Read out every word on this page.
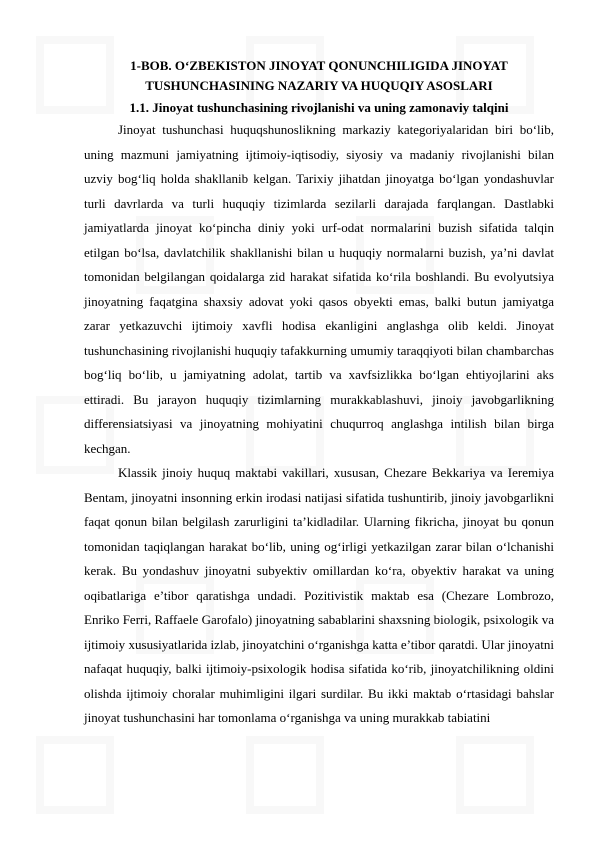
1-BOB. O‘ZBEKISTON JINOYAT QONUNCHILIGIDA JINOYAT
TUSHUNCHASINING NAZARIY VA HUQUQIY ASOSLARI
1.1. Jinoyat tushunchasining rivojlanishi va uning zamonaviy talqini

Jinoyat tushunchasi huquqshunoslikning markaziy kategoriyalaridan biri bo‘lib, uning mazmuni jamiyatning ijtimoiy-iqtisodiy, siyosiy va madaniy rivojlanishi bilan uzviy bog‘liq holda shakllanib kelgan. Tarixiy jihatdan jinoyatga bo‘lgan yondashuvlar turli davrlarda va turli huquqiy tizimlarda sezilarli darajada farqlangan. Dastlabki jamiyatlarda jinoyat ko‘pincha diniy yoki urf-odat normalarini buzish sifatida talqin etilgan bo‘lsa, davlatchilik shakllanishi bilan u huquqiy normalarni buzish, ya’ni davlat tomonidan belgilangan qoidalarga zid harakat sifatida ko‘rila boshlandi. Bu evolyutsiya jinoyatning faqatgina shaxsiy adovat yoki qasos obyekti emas, balki butun jamiyatga zarar yetkazuvchi ijtimoiy xavfli hodisa ekanligini anglashga olib keldi. Jinoyat tushunchasining rivojlanishi huquqiy tafakkurning umumiy taraqqiyoti bilan chambarchas bog‘liq bo‘lib, u jamiyatning adolat, tartib va xavfsizlikka bo‘lgan ehtiyojlarini aks ettiradi. Bu jarayon huquqiy tizimlarning murakkablashuvi, jinoiy javobgarlikning differensiatsiyasi va jinoyatning mohiyatini chuqurroq anglashga intilish bilan birga kechgan.

Klassik jinoiy huquq maktabi vakillari, xususan, Chezare Bekkariya va Ieremiya Bentam, jinoyatni insonning erkin irodasi natijasi sifatida tushuntirib, jinoiy javobgarlikni faqat qonun bilan belgilash zarurligini ta’kidladilar. Ularning fikricha, jinoyat bu qonun tomonidan taqiqlangan harakat bo‘lib, uning og‘irligi yetkazilgan zarar bilan o‘lchanishi kerak. Bu yondashuv jinoyatni subyektiv omillardan ko‘ra, obyektiv harakat va uning oqibatlariga e’tibor qaratishga undadi. Pozitivistik maktab esa (Chezare Lombrozo, Enriko Ferri, Raffaele Garofalo) jinoyatning sabablarini shaxsning biologik, psixologik va ijtimoiy xususiyatlarida izlab, jinoyatchini o‘rganishga katta e’tibor qaratdi. Ular jinoyatni nafaqat huquqiy, balki ijtimoiy-psixologik hodisa sifatida ko‘rib, jinoyatchilikning oldini olishda ijtimoiy choralar muhimligini ilgari surdilar. Bu ikki maktab o‘rtasidagi bahslar jinoyat tushunchasini har tomonlama o‘rganishga va uning murakkab tabiatini
